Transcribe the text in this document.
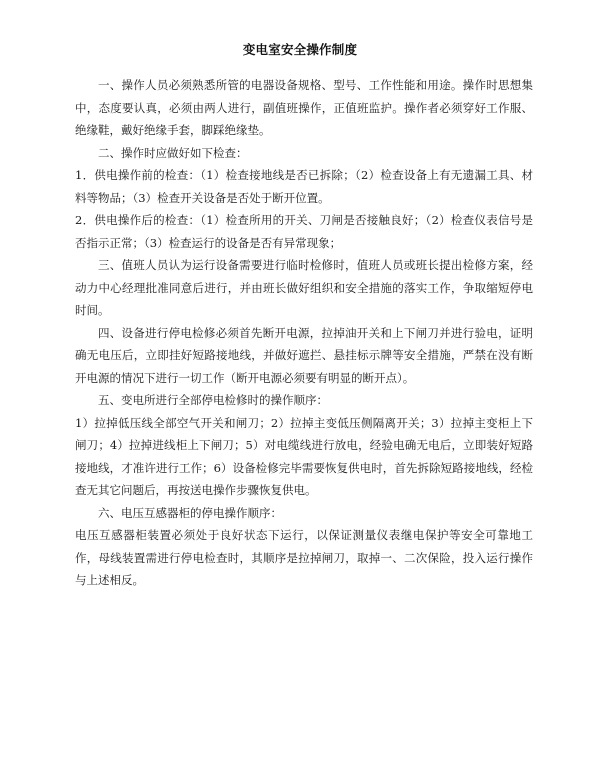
变电室安全操作制度

一、操作人员必须熟悉所管的电器设备规格、型号、工作性能和用途。操作时思想集中，态度要认真，必须由两人进行，副值班操作，正值班监护。操作者必须穿好工作服、绝缘鞋，戴好绝缘手套，脚踩绝缘垫。

二、操作时应做好如下检查：

1．供电操作前的检查：（1）检查接地线是否已拆除；（2）检查设备上有无遗漏工具、材料等物品；（3）检查开关设备是否处于断开位置。

2．供电操作后的检查：（1）检查所用的开关、刀闸是否接触良好；（2）检查仪表信号是否指示正常；（3）检查运行的设备是否有异常现象；

三、值班人员认为运行设备需要进行临时检修时，值班人员或班长提出检修方案，经动力中心经理批准同意后进行，并由班长做好组织和安全措施的落实工作，争取缩短停电时间。

四、设备进行停电检修必须首先断开电源，拉掉油开关和上下闸刀并进行验电，证明确无电压后，立即挂好短路接地线，并做好遮拦、悬挂标示牌等安全措施，严禁在没有断开电源的情况下进行一切工作（断开电源必须要有明显的断开点）。

五、变电所进行全部停电检修时的操作顺序：

1）拉掉低压线全部空气开关和闸刀；2）拉掉主变低压侧隔离开关；3）拉掉主变柜上下闸刀；4）拉掉进线柜上下闸刀；5）对电缆线进行放电，经验电确无电后，立即装好短路接地线，才准许进行工作；6）设备检修完毕需要恢复供电时，首先拆除短路接地线，经检查无其它问题后，再按送电操作步骤恢复供电。

六、电压互感器柜的停电操作顺序：

电压互感器柜装置必须处于良好状态下运行，以保证测量仪表继电保护等安全可靠地工作，母线装置需进行停电检查时，其顺序是拉掉闸刀，取掉一、二次保险，投入运行操作与上述相反。
